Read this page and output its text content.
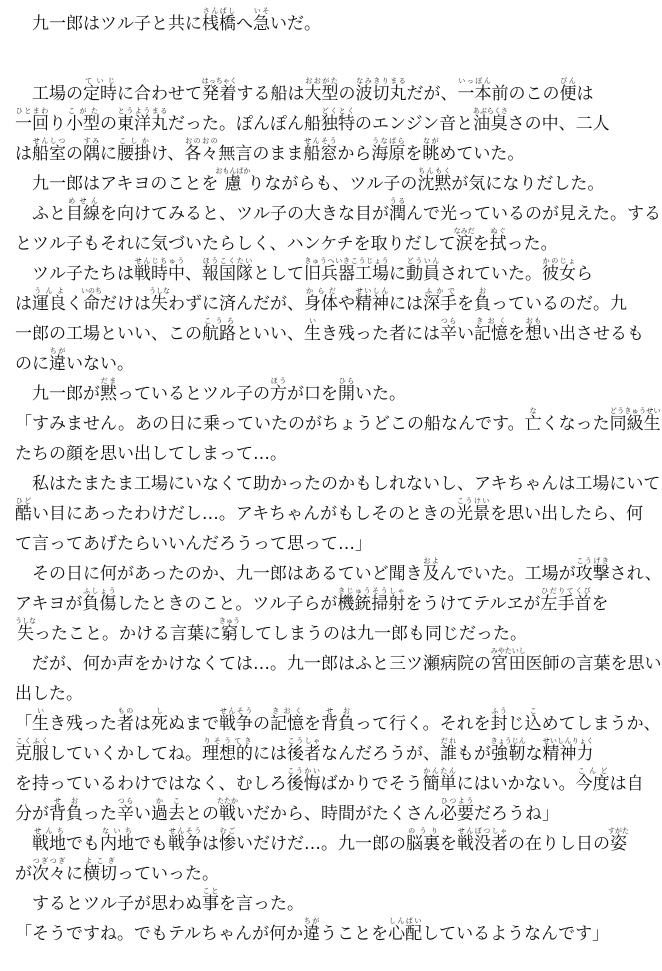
　九一郎はツル子と共に桟橋さんばしへ急いそいだ。
　工場の定時ていじに合わせて発着はっちゃくする船は大型おおがたの波切丸なみきりまるだが、一本いっぽん前のこの便びんは
一回ひとまわり小型こがたの東洋丸とうようまるだった。ぽんぽん船独特どくとくのエンジン音と油臭あぶらくささの中、二人
は船室せんしつの隅すみに腰掛こしかけ、各々おのおの無言のまま船窓せんそうから海原うなばらを眺ながめていた。
　九一郎はアキヨのことを慮おもんばかりながらも、ツル子の沈黙ちんもくが気になりだした。
　ふと目線めせんを向けてみると、ツル子の大きな目が潤うるんで光っているのが見えた。する
とツル子もそれに気づいたらしく、ハンケチを取りだして涙なみだを拭ぬぐった。
　ツル子たちは戦時中せんじちゅう、報国隊ほうこくたいとして旧兵器工場きゅうへいきこうじょうに動員どういんされていた。彼女かのじょら
は運良うんよく命いのちだけは失うしなわずに済んだが、身体からだや精神せいしんには深手ふかでを負おっているのだ。九
一郎の工場といい、この航路こうろといい、生いき残った者には辛つらい記憶きおくを想おもい出させるも
のに違ちがいない。
　九一郎が黙だまっているとツル子の方ほうが口を開ひらいた。
「すみません。あの日に乗っていたのがちょうどこの船なんです。亡なくなった同級生どうきゅうせい
たちの顔を思い出してしまって…。
　私はたまたま工場にいなくて助かったのかもしれないし、アキちゃんは工場にいて
酷ひどい目にあったわけだし…。アキちゃんがもしそのときの光景こうけいを思い出したら、何
て言ってあげたらいいんだろうって思って…」
　その日に何があったのか、九一郎はあるていど聞き及およんでいた。工場が攻撃こうげきされ、
アキヨが負傷ふしょうしたときのこと。ツル子らが機銃掃射きじゅうそうしゃをうけてテルヱが左手首ひだりてくびを
失うしなったこと。かける言葉に窮きゅうしてしまうのは九一郎も同じだった。
　だが、何か声をかけなくては…。九一郎はふと三ツ瀬病院の宮田みやたいし医師の言葉を思い
出した。
「生いき残った者ものは死しぬまで戦争せんそうの記憶きおくを背負せおって行く。それを封ふうじ込こめてしまうか、
克服こくふくしていくかしてね。理想的りそうてきには後者こうしゃなんだろうが、誰だれもが強靭きょうじんな精神力せいしんりょく
を持っているわけではなく、むしろ後悔こうかいばかりでそう簡単かんたんにはいかない。今度こんどは自
分が背負せおった辛つらい過去かことの戦たたかいだから、時間がたくさん必要ひつようだろうね」
　戦地せんちでも内地ないちでも戦争せんそうは惨むごいだけだ…。九一郎の脳裏のうりを戦没者せんぼつしゃの在りし日の姿すがた
が次々つぎつぎに横切よこぎっていった。
　するとツル子が思わぬ事ことを言った。
「そうですね。でもテルちゃんが何か違ちがうことを心配しんぱいしているようなんです」
